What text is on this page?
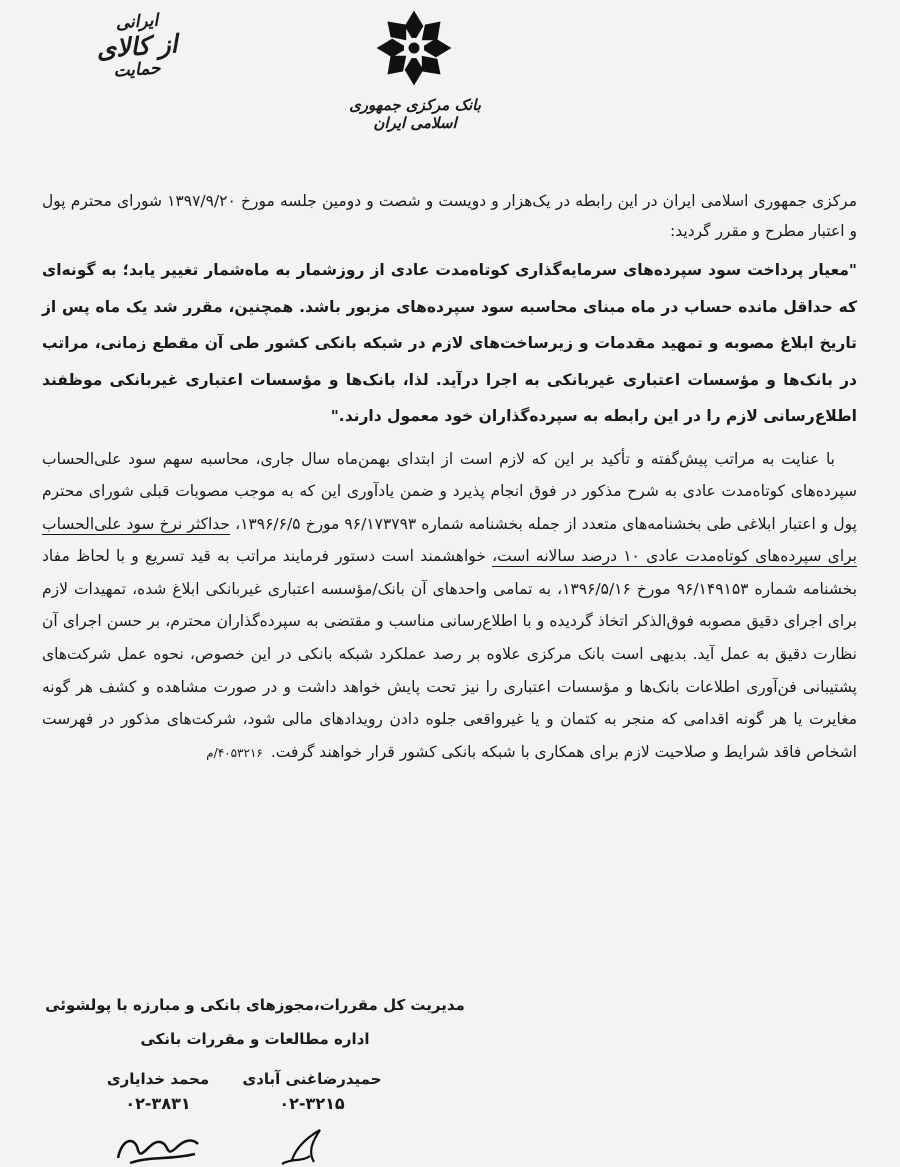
بانک مرکزی جمهوری اسلامی ایران
ایرانی
از کالای
حمایت

مرکزی جمهوری اسلامی ایران در این رابطه در یک‌هزار و دویست و شصت و دومین جلسه مورخ ۱۳۹۷/۹/۲۰ شورای محترم پول و اعتبار مطرح و مقرر گردید:

"معیار پرداخت سود سپرده‌های سرمایه‌گذاری کوتاه‌مدت عادی از روزشمار به ماه‌شمار تغییر یابد؛ به گونه‌ای که حداقل مانده حساب در ماه مبنای محاسبه سود سپرده‌های مزبور باشد. همچنین، مقرر شد یک ماه پس از تاریخ ابلاغ مصوبه و تمهید مقدمات و زیرساخت‌های لازم در شبکه بانکی کشور طی آن مقطع زمانی، مراتب در بانک‌ها و مؤسسات اعتباری غیربانکی به اجرا درآید. لذا، بانک‌ها و مؤسسات اعتباری غیربانکی موظفند اطلاع‌رسانی لازم را در این رابطه به سپرده‌گذاران خود معمول دارند."

با عنایت به مراتب پیش‌گفته و تأکید بر این که لازم است از ابتدای بهمن‌ماه سال جاری، محاسبه سهم سود علی‌الحساب سپرده‌های کوتاه‌مدت عادی به شرح مذکور در فوق انجام پذیرد و ضمن یادآوری این که به موجب مصوبات قبلی شورای محترم پول و اعتبار ابلاغی طی بخشنامه‌های متعدد از جمله بخشنامه شماره ۹۶/۱۷۳۷۹۳ مورخ ۱۳۹۶/۶/۵، حداکثر نرخ سود علی‌الحساب برای سپرده‌های کوتاه‌مدت عادی ۱۰ درصد سالانه است، خواهشمند است دستور فرمایند مراتب به قید تسریع و با لحاظ مفاد بخشنامه شماره ۹۶/۱۴۹۱۵۳ مورخ ۱۳۹۶/۵/۱۶، به تمامی واحدهای آن بانک/مؤسسه اعتباری غیربانکی ابلاغ شده، تمهیدات لازم برای اجرای دقیق مصوبه فوق‌الذکر اتخاذ گردیده و با اطلاع‌رسانی مناسب و مقتضی به سپرده‌گذاران محترم، بر حسن اجرای آن نظارت دقیق به عمل آید. بدیهی است بانک مرکزی علاوه بر رصد عملکرد شبکه بانکی در این خصوص، نحوه عمل شرکت‌های پشتیبانی فن‌آوری اطلاعات بانک‌ها و مؤسسات اعتباری را نیز تحت پایش خواهد داشت و در صورت مشاهده و کشف هر گونه مغایرت یا هر گونه اقدامی که منجر به کتمان و یا غیرواقعی جلوه دادن رویدادهای مالی شود، شرکت‌های مذکور در فهرست اشخاص فاقد شرایط و صلاحیت لازم برای همکاری با شبکه بانکی کشور قرار خواهند گرفت.۴۰۵۳۲۱۶/م

مدیریت کل مقررات،مجوزهای بانکی و مبارزه با پولشوئی
اداره مطالعات و مقررات بانکی
حمیدرضاغنی آبادی
۰۲-۳۲۱۵
محمد خدایاری
۰۲-۳۸۳۱
